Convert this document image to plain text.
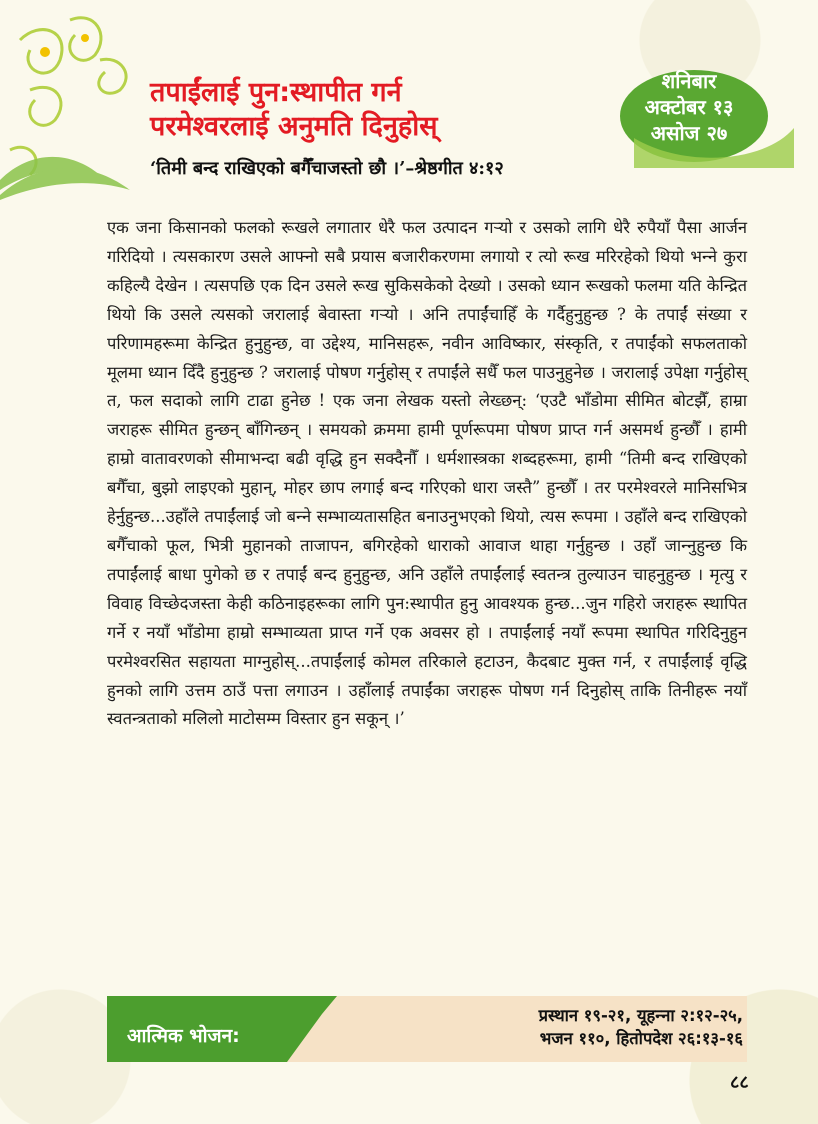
तपाईंलाई पुन:स्थापीत गर्न
परमेश्‍वरलाई अनुमति दिनुहोस्
‘तिमी बन्द राखिएको बगैँचाजस्तो छौ ।’–श्रेष्ठगीत ४:१२
शनिबार
अक्टोबर १३
असोज २७
एक जना किसानको फलको रूखले लगातार धेरै फल उत्पादन गर्‍यो र उसको लागि धेरै रुपैयाँ पैसा आर्जन गरिदियो । त्यसकारण उसले आफ्नो सबै प्रयास बजारीकरणमा लगायो र त्यो रूख मरिरहेको थियो भन्‍ने कुरा कहिल्यै देखेन । त्यसपछि एक दिन उसले रूख सुकिसकेको देख्यो । उसको ध्यान रूखको फलमा यति केन्द्रित थियो कि उसले त्यसको जरालाई बेवास्ता गर्‍यो । अनि तपाईंचाहिँ के गर्दैहुनुहुन्छ ? के तपाईं संख्या र परिणामहरूमा केन्द्रित हुनुहुन्छ, वा उद्देश्य, मानिसहरू, नवीन आविष्कार, संस्कृति, र तपाईंको सफलताको मूलमा ध्यान दिँदै हुनुहुन्छ ? जरालाई पोषण गर्नुहोस् र तपाईंले सधैँ फल पाउनुहुनेछ । जरालाई उपेक्षा गर्नुहोस् त, फल सदाको लागि टाढा हुनेछ ! एक जना लेखक यस्तो लेख्छन्: ‘एउटै भाँडोमा सीमित बोटझैँ, हाम्रा जराहरू सीमित हुन्छन् बाँगिन्छन् । समयको क्रममा हामी पूर्णरूपमा पोषण प्राप्त गर्न असमर्थ हुन्छौँ । हामी हाम्रो वातावरणको सीमाभन्दा बढी वृद्धि हुन सक्दैनौँ । धर्मशास्त्रका शब्दहरूमा, हामी “तिमी बन्द राखिएको बगैँचा, बुझो लाइएको मुहान्, मोहर छाप लगाई बन्द गरिएको धारा जस्तै” हुन्छौँ । तर परमेश्‍वरले मानिसभित्र हेर्नुहुन्छ...उहाँले तपाईंलाई जो बन्‍ने सम्भाव्यतासहित बनाउनुभएको थियो, त्यस रूपमा । उहाँले बन्द राखिएको बगैँचाको फूल, भित्री मुहानको ताजापन, बगिरहेको धाराको आवाज थाहा गर्नुहुन्छ । उहाँ जान्‍नुहुन्छ कि तपाईंलाई बाधा पुगेको छ र तपाईं बन्द हुनुहुन्छ, अनि उहाँले तपाईंलाई स्वतन्त्र तुल्याउन चाहनुहुन्छ । मृत्यु र विवाह विच्छेदजस्ता केही कठिनाइहरूका लागि पुन:स्थापीत हुनु आवश्यक हुन्छ...जुन गहिरो जराहरू स्थापित गर्ने र नयाँ भाँडोमा हाम्रो सम्भाव्यता प्राप्त गर्ने एक अवसर हो । तपाईंलाई नयाँ रूपमा स्थापित गरिदिनुहुन परमेश्‍वरसित सहायता माग्नुहोस्...तपाईंलाई कोमल तरिकाले हटाउन, कैदबाट मुक्त गर्न, र तपाईंलाई वृद्धि हुनको लागि उत्तम ठाउँ पत्ता लगाउन । उहाँलाई तपाईंका जराहरू पोषण गर्न दिनुहोस् ताकि तिनीहरू नयाँ स्वतन्त्रताको मलिलो माटोसम्म विस्तार हुन सकून् ।’
आत्मिक भोजन:
प्रस्थान १९-२१, यूहन्‍ना २:१२-२५,
भजन ११०, हितोपदेश २६:१३-१६
८८
